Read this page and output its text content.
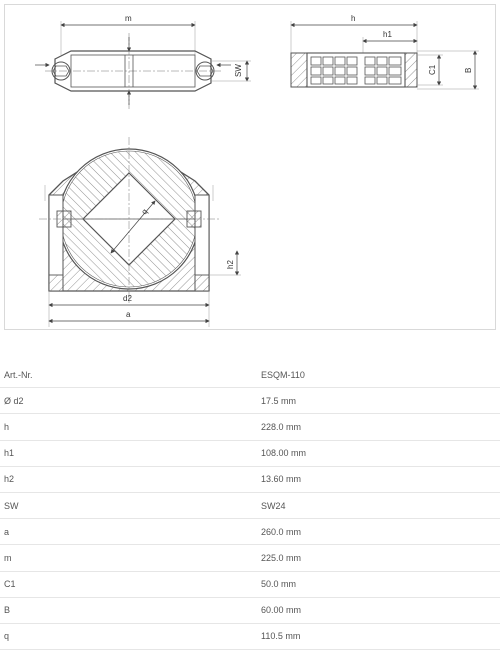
m
SW
h
h1
C1	B
q
h2
d2
a
Art.-Nr.	ESQM-110
Ø d2	17.5 mm
h	228.0 mm
h1	108.00 mm
h2	13.60 mm
SW	SW24
a	260.0 mm
m	225.0 mm
C1	50.0 mm
B	60.00 mm
q	110.5 mm
